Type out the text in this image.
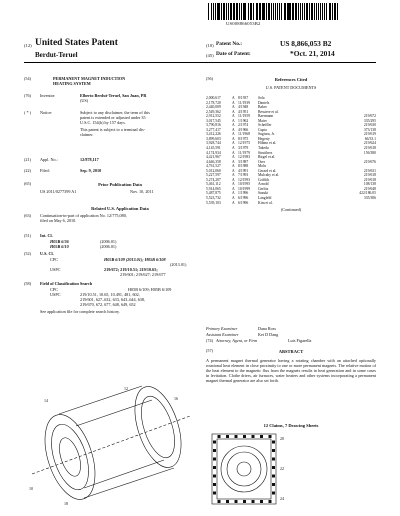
US008866053B2
(12) United States Patent
Berdut-Teruel
(10) Patent No.:	US 8,866,053 B2
(45) Date of Patent:	*Oct. 21, 2014
(54)	PERMANENT MAGNET INDUCTION
HEATING SYSTEM
(76) Inventor:	Elberto Berdut-Teruel, San Juan, PR
(US)
( * ) Notice:	Subject to any disclaimer, the term of this
patent is extended or adjusted under 35
U.S.C. 154(b) by 157 days.
This patent is subject to a terminal dis-
claimer.
(21) Appl. No.:	12/878,117
(22) Filed:	Sep. 9, 2010
(65)	Prior Publication Data
US 2011/0277399 A1	Nov. 10, 2011
Related U.S. Application Data
(63) Continuation-in-part of application No. 12/775,080,
filed on May 6, 2010.
(51) Int. Cl.
H05B 6/36	(2006.01)
H05B 6/10	(2006.01)
(52) U.S. Cl.
CPC	H05B 6/109 (2013.01); H05B 6/108
(2013.01)
USPC	219/672; 219/10.51; 219/10.65;
219/601; 219/627; 219/677
(58) Field of Classification Search
CPC	H05B 6/109; H05B 6/109
USPC	219/10.51, 10.65, 10.491, 481, 602,
219/601, 627–632, 633, 643–644, 638,
219/670, 672, 677, 648, 649, 652
See application file for complete search history.
(56)	References Cited
U.S. PATENT DOCUMENTS
2,000,617	A 8/1937	Sola
2,178,720	A 11/1939	Daniels
2,440,009	A 4/1948	Baker
2,549,362	A 4/1951	Bessiere et al.
2,912,552	A 11/1959	Baermann	219/672
3,017,545	A 1/1962	Maier	335/295
3,790,816	A 2/1974	Scheffler	219/630
3,277,417	A 4/1966	Cupta	373/138
3,412,226	A 11/1968	Sugiura, Jr.	219/619
3,899,603	A 8/1975	Hegerty	66/33.1
3,928,744	A 12/1975	Hibino et al.	219/624
4,145,591	A 3/1979	Takeda	219/618
4,174,934	A 11/1979	Strutthers	156/380
4,421,967	A 12/1983	Birgel et al.
4,646,358	A 3/1987	Oser	219/676
4,761,527	A 8/1988	Mohr
5,012,060	A 4/1991	Gerard et al.	219/631
5,227,597	A 7/1993	Mulcahy et al.	219/618
5,274,207	A 12/1993	Griffith	219/618
5,461,112	A 10/1995	Arnold	108/138
5,914,065	A 10/1999	Gerlitz	219/648
5,487,875	A 1/1996	Suzuki	422/186.05
5,523,732	A 6/1996	Langfeld	335/306
5,539,103	A 6/1996	Kim et al.
(Continued)
Primary Examiner	Dana Ross
Assistant Examiner	Ket D Dang
(74) Attorney, Agent, or Firm	Luis Figarella
(57)	ABSTRACT
A permanent magnet thermal generator having a rotating chamber with an attached optionally rotational heat element in close proximity to one or more permanent magnets. The relative motion of the heat element to the magnetic flux from the magnets results in heat generation and in some cases in levitation. Clothe driers, air furnaces, water heaters and other systems incorporating a permanent magnet thermal generator are also set forth.
12 Claims, 7 Drawing Sheets
14
12
16
10
18
20
22
24
